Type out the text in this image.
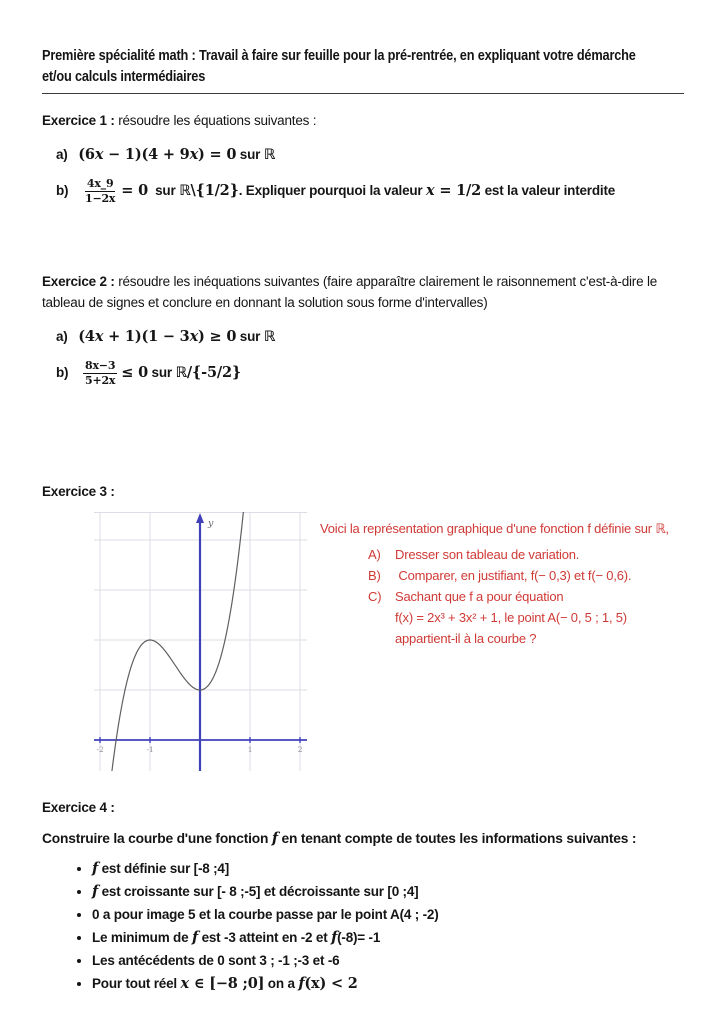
Première spécialité math : Travail à faire sur feuille pour la pré-rentrée, en expliquant votre démarche
et/ou calculs intermédiaires

Exercice 1 : résoudre les équations suivantes :

a) (6x − 1)(4 + 9x) = 0 sur ℝ
b)
$\frac{4x\_9}{1-2x} = 0$ sur ℝ\{1/2} . Expliquer pourquoi la valeur x = 1/2 est la valeur interdite

Exercice 2 : résoudre les inéquations suivantes (faire apparaître clairement le raisonnement c'est-à-dire le tableau de signes et conclure en donnant la solution sous forme d'intervalles)

a) (4x + 1)(1 − 3x) ≥ 0 sur ℝ
b)
$\frac{8x-3}{5+2x} \le 0$ sur ℝ/{-5/2}

Exercice 3 :

-2	-1	1	2
y	Voici la représentation graphique d'une fonction f définie sur ℝ,

A) Dresser son tableau de variation.
B) Comparer, en justifiant, f(− 0,3) et f(− 0,6).
C) Sachant que f a pour équation
f(x) = 2x³ + 3x² + 1, le point A(− 0, 5 ; 1, 5)
appartient-il à la courbe ?

Exercice 4 :

Construire la courbe d'une fonction f en tenant compte de toutes les informations suivantes :

• f est définie sur [-8 ;4]
• f est croissante sur [- 8 ;-5] et décroissante sur [0 ;4]
• 0 a pour image 5 et la courbe passe par le point A(4 ; -2)
• Le minimum de f est -3 atteint en -2 et f(-8)= -1
• Les antécédents de 0 sont 3 ; -1 ;-3 et -6
• Pour tout réel x ∈ [−8 ;0] on a f(x) < 2
